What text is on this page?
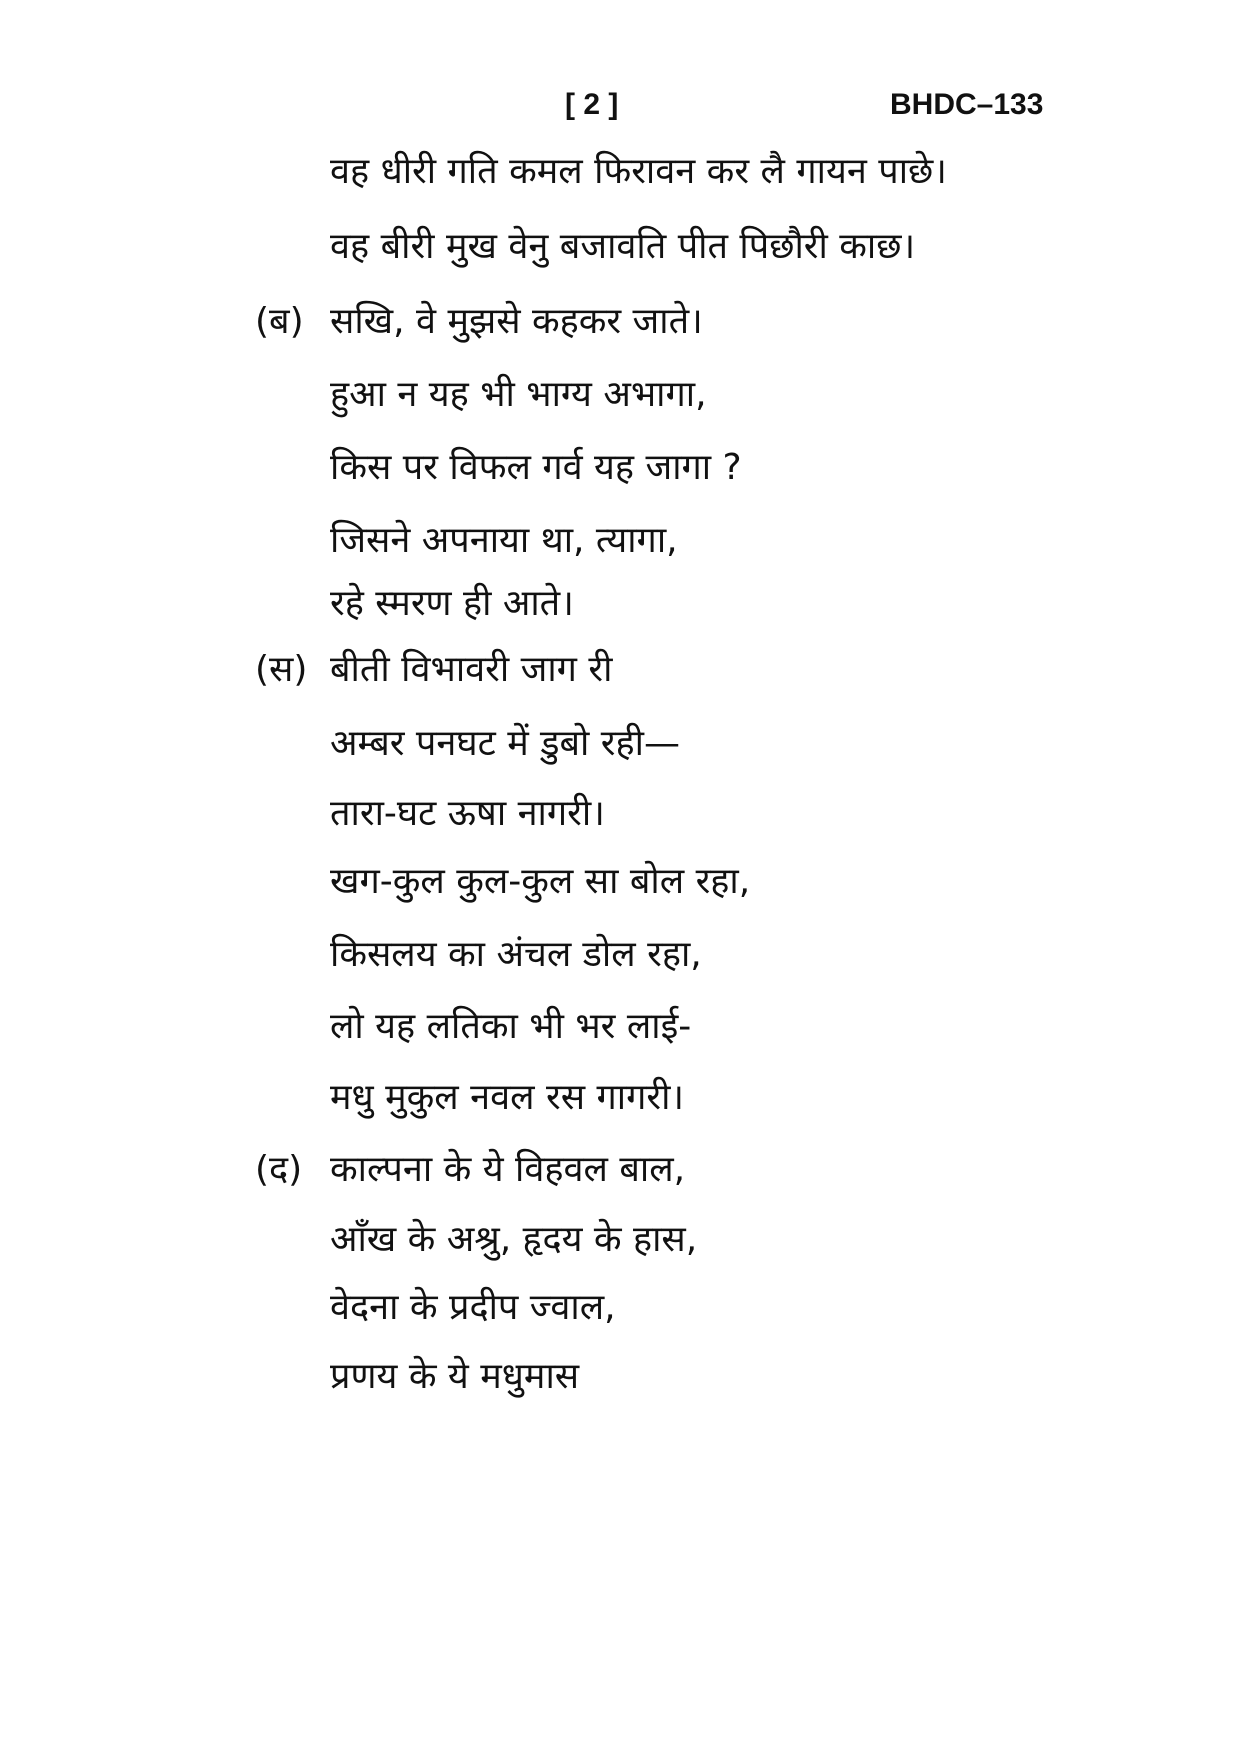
[ 2 ]	BHDC–133
वह धीरी गति कमल फिरावन कर लै गायन पाछे।
वह बीरी मुख वेनु बजावति पीत पिछौरी काछ।
(ब) सखि, वे मुझसे कहकर जाते।
हुआ न यह भी भाग्य अभागा,
किस पर विफल गर्व यह जागा ?
जिसने अपनाया था, त्यागा,
रहे स्मरण ही आते।
(स) बीती विभावरी जाग री
अम्बर पनघट में डुबो रही—
तारा-घट ऊषा नागरी।
खग-कुल कुल-कुल सा बोल रहा,
किसलय का अंचल डोल रहा,
लो यह लतिका भी भर लाई-
मधु मुकुल नवल रस गागरी।
(द) काल्पना के ये विहवल बाल,
आँख के अश्रु, हृदय के हास,
वेदना के प्रदीप ज्वाल,
प्रणय के ये मधुमास
